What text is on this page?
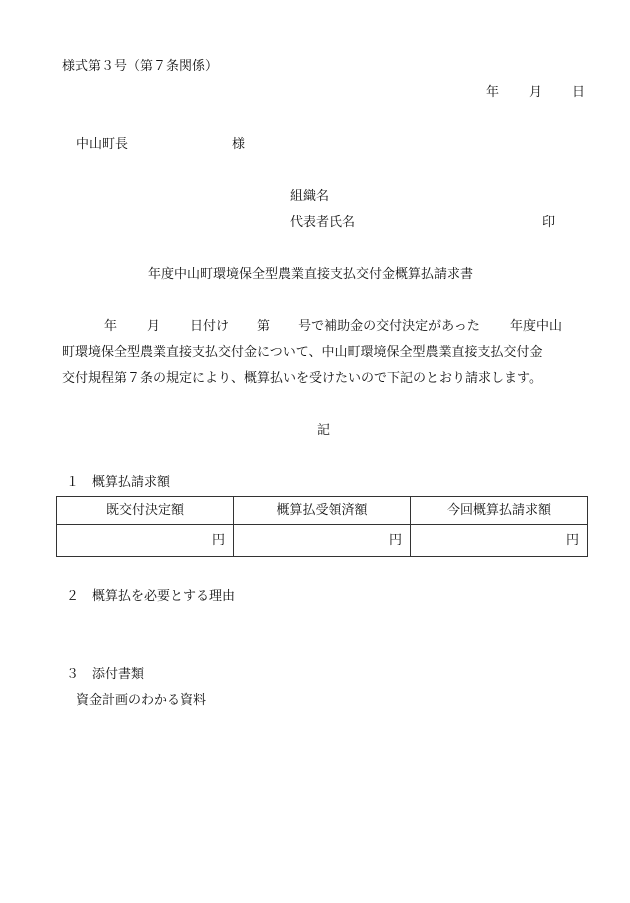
様式第３号（第７条関係）
年 月 日
中山町長	様
組織名
代表者氏名	印
年度中山町環境保全型農業直接支払交付金概算払請求書
年 月 日付け 第 号で補助金の交付決定があった 年度中山
町環境保全型農業直接支払交付金について、中山町環境保全型農業直接支払交付金
交付規程第７条の規定により、概算払いを受けたいので下記のとおり請求します。
記
１　概算払請求額
既交付決定額	概算払受領済額	今回概算払請求額
円	円	円
２　概算払を必要とする理由
３　添付書類
資金計画のわかる資料
